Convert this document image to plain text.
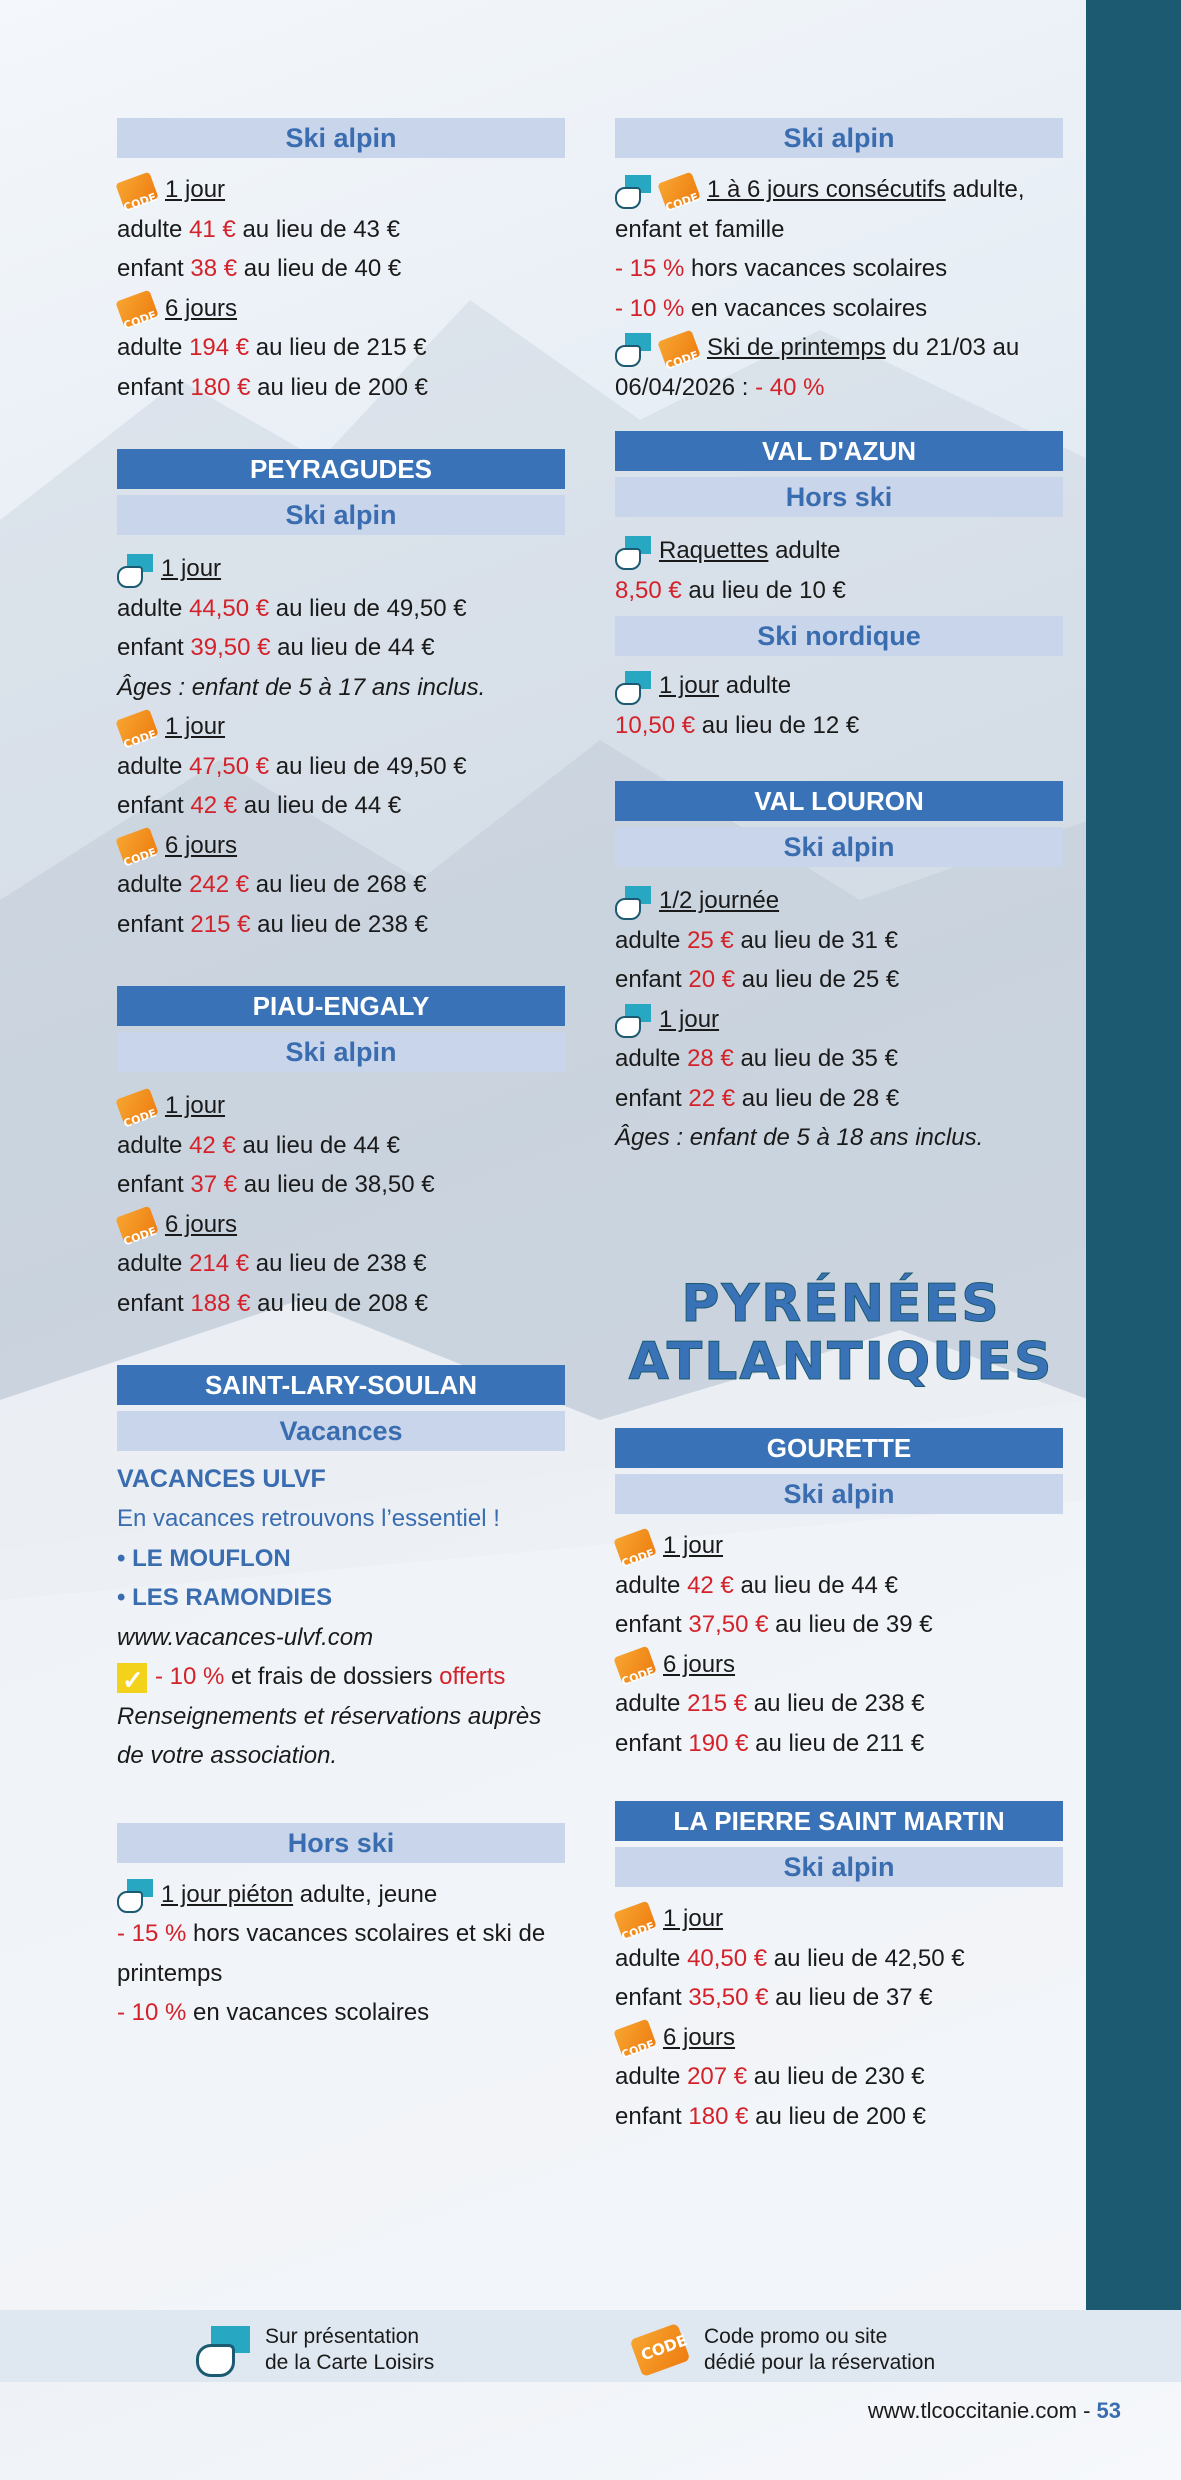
Ski alpin
CODE1 jour
adulte 41 € au lieu de 43 €
enfant 38 € au lieu de 40 €
CODE6 jours
adulte 194 € au lieu de 215 €
enfant 180 € au lieu de 200 €
PEYRAGUDES
Ski alpin
1 jour
adulte 44,50 € au lieu de 49,50 €
enfant 39,50 € au lieu de 44 €
Âges : enfant de 5 à 17 ans inclus.
CODE1 jour
adulte 47,50 € au lieu de 49,50 €
enfant 42 € au lieu de 44 €
CODE6 jours
adulte 242 € au lieu de 268 €
enfant 215 € au lieu de 238 €
PIAU-ENGALY
Ski alpin
CODE1 jour
adulte 42 € au lieu de 44 €
enfant 37 € au lieu de 38,50 €
CODE6 jours
adulte 214 € au lieu de 238 €
enfant 188 € au lieu de 208 €
SAINT-LARY-SOULAN
Vacances
VACANCES ULVF
En vacances retrouvons l’essentiel !
• LE MOUFLON
• LES RAMONDIES
www.vacances-ulvf.com
✓- 10 % et frais de dossiers offerts
Renseignements et réservations auprès de votre association.
Hors ski
1 jour piéton adulte, jeune
- 15 % hors vacances scolaires et ski de printemps
- 10 % en vacances scolaires
Ski alpin
CODE1 à 6 jours consécutifs adulte,
enfant et famille
- 15 % hors vacances scolaires
- 10 % en vacances scolaires
CODESki de printemps du 21/03 au
06/04/2026 : - 40 %
VAL D'AZUN
Hors ski
Raquettes adulte
8,50 € au lieu de 10 €
Ski nordique
1 jour adulte
10,50 € au lieu de 12 €
VAL LOURON
Ski alpin
1/2 journée
adulte 25 € au lieu de 31 €
enfant 20 € au lieu de 25 €
1 jour
adulte 28 € au lieu de 35 €
enfant 22 € au lieu de 28 €
Âges : enfant de 5 à 18 ans inclus.
PYRÉNÉES
ATLANTIQUES
GOURETTE
Ski alpin
CODE1 jour
adulte 42 € au lieu de 44 €
enfant 37,50 € au lieu de 39 €
CODE6 jours
adulte 215 € au lieu de 238 €
enfant 190 € au lieu de 211 €
LA PIERRE SAINT MARTIN
Ski alpin
CODE1 jour
adulte 40,50 € au lieu de 42,50 €
enfant 35,50 € au lieu de 37 €
CODE6 jours
adulte 207 € au lieu de 230 €
enfant 180 € au lieu de 200 €
Sur présentation
de la Carte Loisirs
CODE
Code promo ou site
dédié pour la réservation
www.tlcoccitanie.com - 53
